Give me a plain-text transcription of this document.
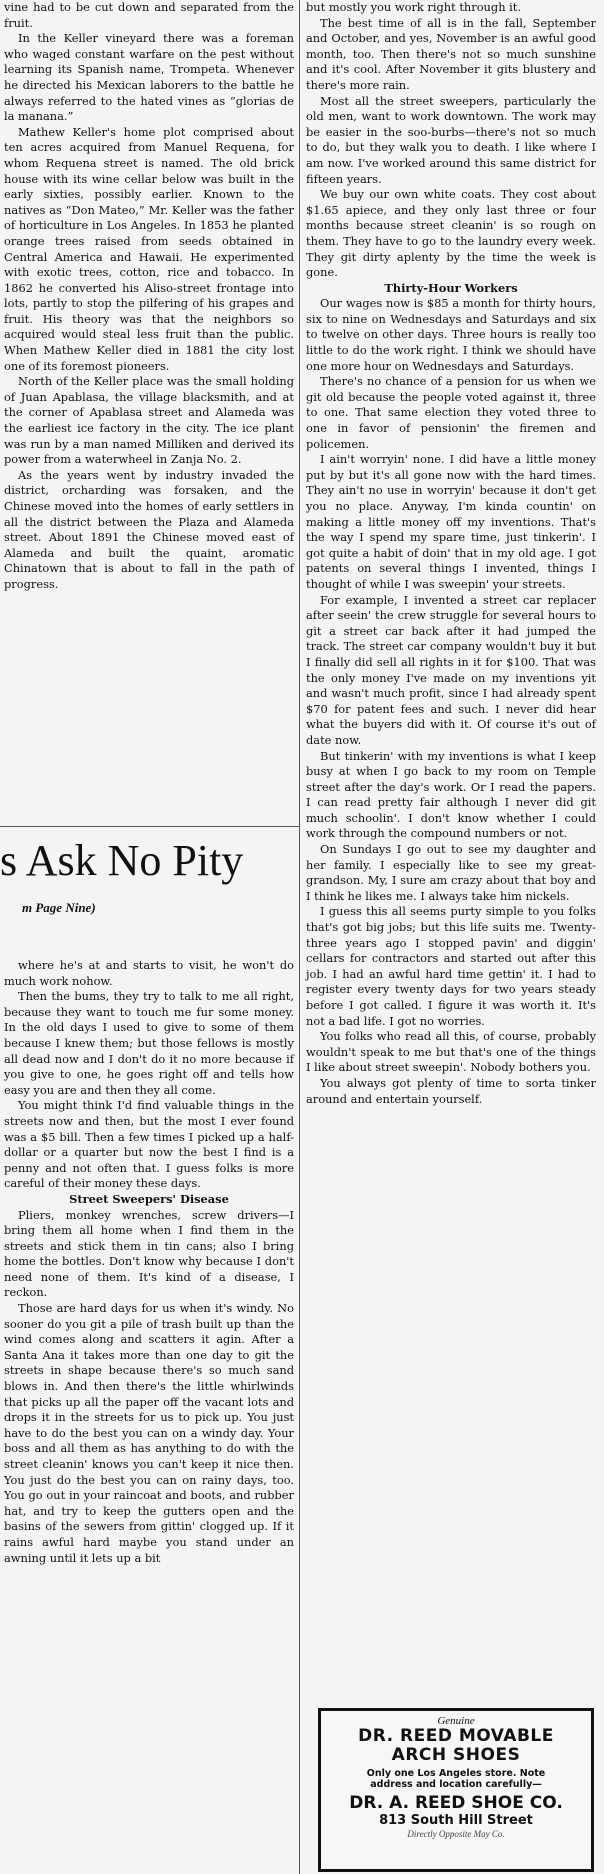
vine had to be cut down and separated from the fruit.

In the Keller vineyard there was a foreman who waged constant warfare on the pest without learning its Spanish name, Trompeta. Whenever he directed his Mexican laborers to the battle he always referred to the hated vines as “glorias de la manana.”

Mathew Keller's home plot comprised about ten acres acquired from Manuel Requena, for whom Requena street is named. The old brick house with its wine cellar below was built in the early sixties, possibly earlier. Known to the natives as “Don Mateo,” Mr. Keller was the father of horticulture in Los Angeles. In 1853 he planted orange trees raised from seeds obtained in Central America and Hawaii. He experimented with exotic trees, cotton, rice and tobacco. In 1862 he converted his Aliso-street frontage into lots, partly to stop the pilfering of his grapes and fruit. His theory was that the neighbors so acquired would steal less fruit than the public. When Mathew Keller died in 1881 the city lost one of its foremost pioneers.

North of the Keller place was the small holding of Juan Apablasa, the village blacksmith, and at the corner of Apablasa street and Alameda was the earliest ice factory in the city. The ice plant was run by a man named Milliken and derived its power from a waterwheel in Zanja No. 2.

As the years went by industry invaded the district, orcharding was forsaken, and the Chinese moved into the homes of early settlers in all the district between the Plaza and Alameda street. About 1891 the Chinese moved east of Alameda and built the quaint, aromatic Chinatown that is about to fall in the path of progress.

s Ask No Pity
m Page Nine)

where he's at and starts to visit, he won't do much work nohow.

Then the bums, they try to talk to me all right, because they want to touch me fur some money. In the old days I used to give to some of them because I knew them; but those fellows is mostly all dead now and I don't do it no more because if you give to one, he goes right off and tells how easy you are and then they all come.

You might think I'd find valuable things in the streets now and then, but the most I ever found was a $5 bill. Then a few times I picked up a half-dollar or a quarter but now the best I find is a penny and not often that. I guess folks is more careful of their money these days.

Street Sweepers' Disease

Pliers, monkey wrenches, screw drivers—I bring them all home when I find them in the streets and stick them in tin cans; also I bring home the bottles. Don't know why because I don't need none of them. It's kind of a disease, I reckon.

Those are hard days for us when it's windy. No sooner do you git a pile of trash built up than the wind comes along and scatters it agin. After a Santa Ana it takes more than one day to git the streets in shape because there's so much sand blows in. And then there's the little whirlwinds that picks up all the paper off the vacant lots and drops it in the streets for us to pick up. You just have to do the best you can on a windy day. Your boss and all them as has anything to do with the street cleanin' knows you can't keep it nice then. You just do the best you can on rainy days, too. You go out in your raincoat and boots, and rubber hat, and try to keep the gutters open and the basins of the sewers from gittin' clogged up. If it rains awful hard maybe you stand under an awning until it lets up a bit

but mostly you work right through it.

The best time of all is in the fall, September and October, and yes, November is an awful good month, too. Then there's not so much sunshine and it's cool. After November it gits blustery and there's more rain.

Most all the street sweepers, particularly the old men, want to work downtown. The work may be easier in the soo-burbs—there's not so much to do, but they walk you to death. I like where I am now. I've worked around this same district for fifteen years.

We buy our own white coats. They cost about $1.65 apiece, and they only last three or four months because street cleanin' is so rough on them. They have to go to the laundry every week. They git dirty aplenty by the time the week is gone.

Thirty-Hour Workers

Our wages now is $85 a month for thirty hours, six to nine on Wednesdays and Saturdays and six to twelve on other days. Three hours is really too little to do the work right. I think we should have one more hour on Wednesdays and Saturdays.

There's no chance of a pension for us when we git old because the people voted against it, three to one. That same election they voted three to one in favor of pensionin' the firemen and policemen.

I ain't worryin' none. I did have a little money put by but it's all gone now with the hard times. They ain't no use in worryin' because it don't get you no place. Anyway, I'm kinda countin' on making a little money off my inventions. That's the way I spend my spare time, just tinkerin'. I got quite a habit of doin' that in my old age. I got patents on several things I invented, things I thought of while I was sweepin' your streets.

For example, I invented a street car replacer after seein' the crew struggle for several hours to git a street car back after it had jumped the track. The street car company wouldn't buy it but I finally did sell all rights in it for $100. That was the only money I've made on my inventions yit and wasn't much profit, since I had already spent $70 for patent fees and such. I never did hear what the buyers did with it. Of course it's out of date now.

But tinkerin' with my inventions is what I keep busy at when I go back to my room on Temple street after the day's work. Or I read the papers. I can read pretty fair although I never did git much schoolin'. I don't know whether I could work through the compound numbers or not.

On Sundays I go out to see my daughter and her family. I especially like to see my great-grandson. My, I sure am crazy about that boy and I think he likes me. I always take him nickels.

I guess this all seems purty simple to you folks that's got big jobs; but this life suits me. Twenty-three years ago I stopped pavin' and diggin' cellars for contractors and started out after this job. I had an awful hard time gettin' it. I had to register every twenty days for two years steady before I got called. I figure it was worth it. It's not a bad life. I got no worries.

You folks who read all this, of course, probably wouldn't speak to me but that's one of the things I like about street sweepin'. Nobody bothers you.

You always got plenty of time to sorta tinker around and entertain yourself.

Genuine
DR. REED MOVABLE
ARCH SHOES
Only one Los Angeles store. Note
address and location carefully—
DR. A. REED SHOE CO.
813 South Hill Street
Directly Opposite May Co.
